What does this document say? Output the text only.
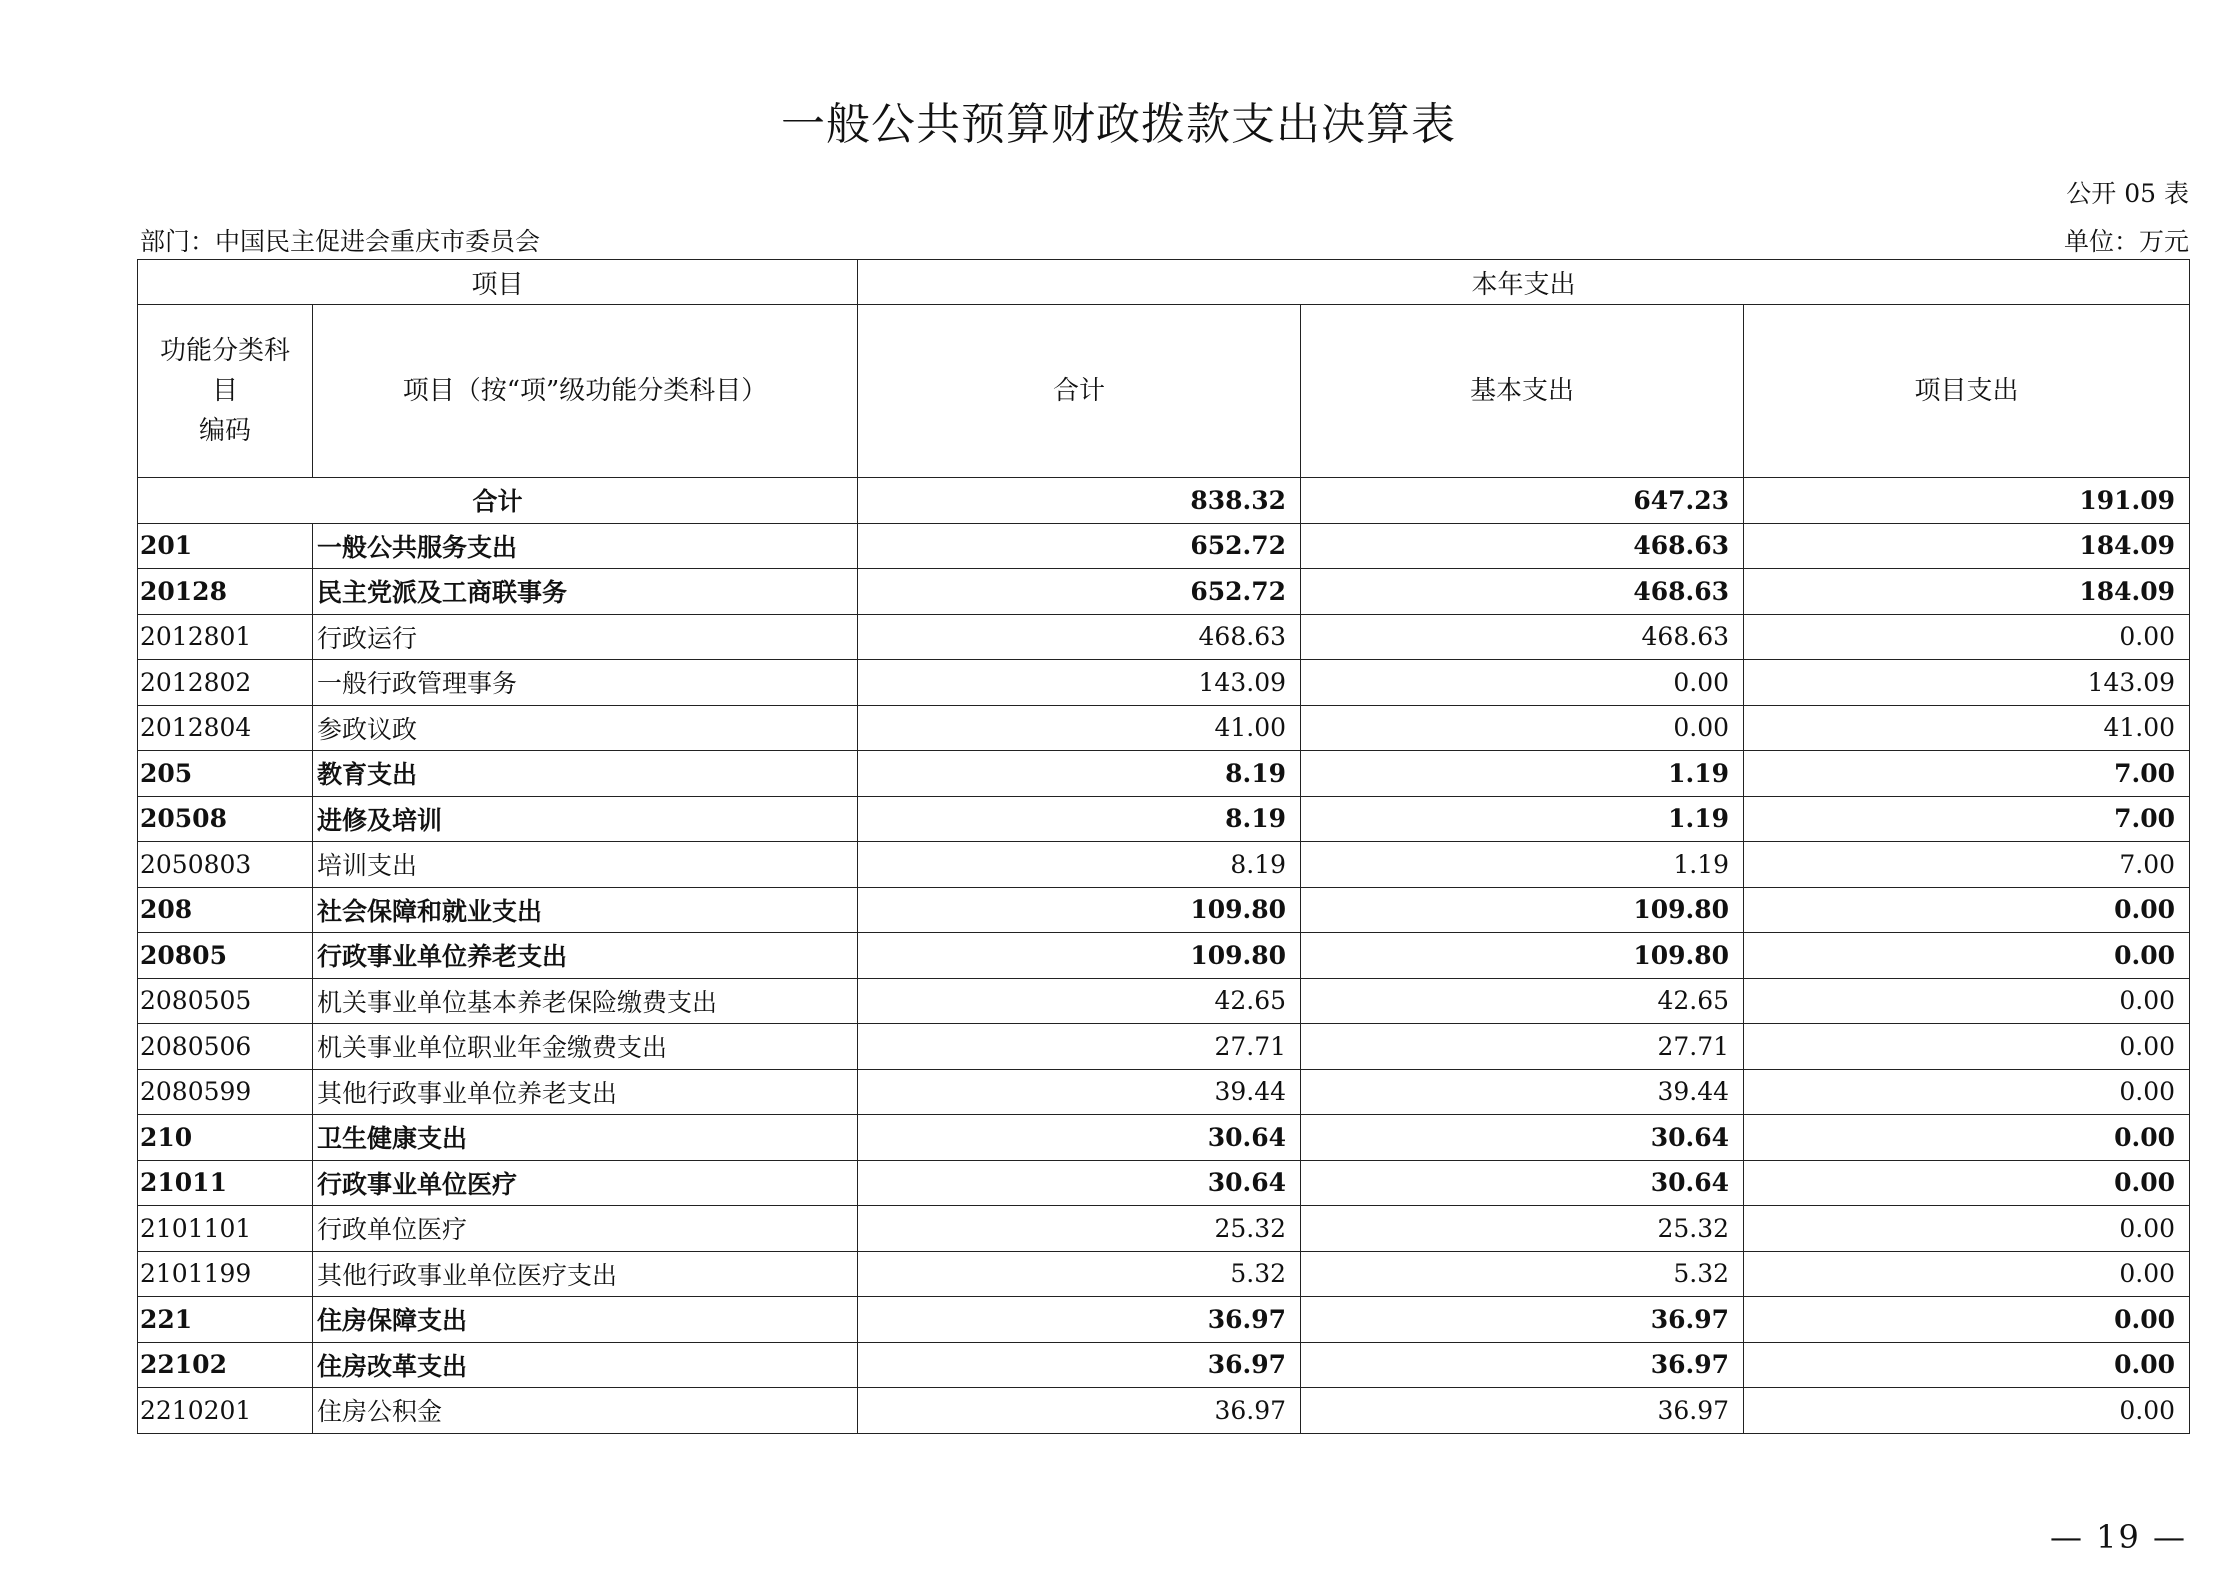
一般公共预算财政拨款支出决算表
公开 05 表
部门：中国民主促进会重庆市委员会	单位：万元
项目		本年支出		
功能分类科目
编码	项目（按“项”级功能分类科目）	合计	基本支出	项目支出
合计		838.32	647.23	191.09
201	一般公共服务支出	652.72	468.63	184.09
20128	民主党派及工商联事务	652.72	468.63	184.09
2012801	行政运行	468.63	468.63	0.00
2012802	一般行政管理事务	143.09	0.00	143.09
2012804	参政议政	41.00	0.00	41.00
205	教育支出	8.19	1.19	7.00
20508	进修及培训	8.19	1.19	7.00
2050803	培训支出	8.19	1.19	7.00
208	社会保障和就业支出	109.80	109.80	0.00
20805	行政事业单位养老支出	109.80	109.80	0.00
2080505	机关事业单位基本养老保险缴费支出	42.65	42.65	0.00
2080506	机关事业单位职业年金缴费支出	27.71	27.71	0.00
2080599	其他行政事业单位养老支出	39.44	39.44	0.00
210	卫生健康支出	30.64	30.64	0.00
21011	行政事业单位医疗	30.64	30.64	0.00
2101101	行政单位医疗	25.32	25.32	0.00
2101199	其他行政事业单位医疗支出	5.32	5.32	0.00
221	住房保障支出	36.97	36.97	0.00
22102	住房改革支出	36.97	36.97	0.00
2210201	住房公积金	36.97	36.97	0.00
— 19 —
